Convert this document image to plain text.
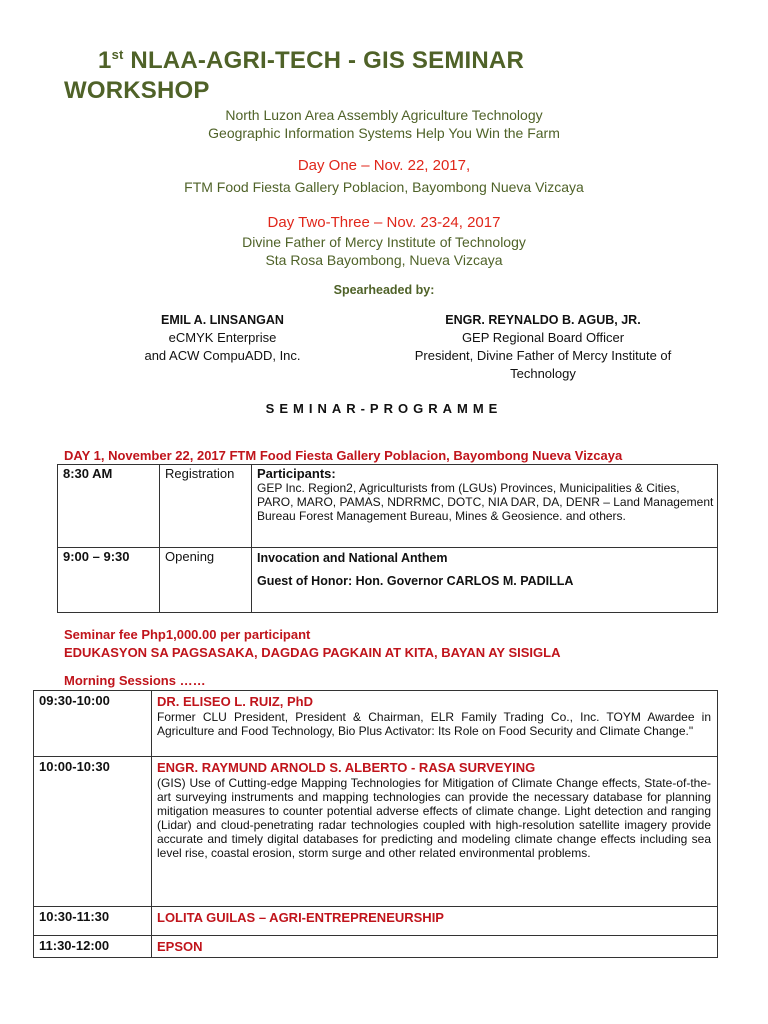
1st NLAA-AGRI-TECH - GIS SEMINAR
WORKSHOP
North Luzon Area Assembly Agriculture Technology
Geographic Information Systems Help You Win the Farm
Day One – Nov. 22, 2017,
FTM Food Fiesta Gallery Poblacion, Bayombong Nueva Vizcaya
Day Two-Three – Nov. 23-24, 2017
Divine Father of Mercy Institute of Technology
Sta Rosa Bayombong, Nueva Vizcaya
Spearheaded by:
EMIL A. LINSANGAN
eCMYK Enterprise
and ACW CompuADD, Inc.
ENGR. REYNALDO B. AGUB, JR.
GEP Regional Board Officer
President, Divine Father of Mercy Institute of
Technology
SEMINAR-PROGRAMME
DAY 1, November 22, 2017 FTM Food Fiesta Gallery Poblacion, Bayombong Nueva Vizcaya
8:30 AM	Registration	Participants:
GEP Inc. Region2, Agriculturists from (LGUs) Provinces, Municipalities & Cities, PARO, MARO, PAMAS, NDRRMC, DOTC, NIA DAR, DA, DENR – Land Management Bureau Forest Management Bureau, Mines & Geosience. and others.
9:00 – 9:30	Opening	Invocation and National Anthem
Guest of Honor: Hon. Governor CARLOS M. PADILLA
Seminar fee Php1,000.00 per participant
EDUKASYON SA PAGSASAKA, DAGDAG PAGKAIN AT KITA, BAYAN AY SISIGLA
Morning Sessions ……
09:30-10:00	DR. ELISEO L. RUIZ, PhD
Former CLU President, President & Chairman, ELR Family Trading Co., Inc. TOYM Awardee in Agriculture and Food Technology, Bio Plus Activator: Its Role on Food Security and Climate Change."

10:00-10:30	ENGR. RAYMUND ARNOLD S. ALBERTO - RASA SURVEYING
(GIS) Use of Cutting-edge Mapping Technologies for Mitigation of Climate Change effects, State-of-the-art surveying instruments and mapping technologies can provide the necessary database for planning mitigation measures to counter potential adverse effects of climate change. Light detection and ranging (Lidar) and cloud-penetrating radar technologies coupled with high-resolution satellite imagery provide accurate and timely digital databases for predicting and modeling climate change effects including sea level rise, coastal erosion, storm surge and other related environmental problems.

10:30-11:30	LOLITA GUILAS – AGRI-ENTREPRENEURSHIP

11:30-12:00	EPSON
